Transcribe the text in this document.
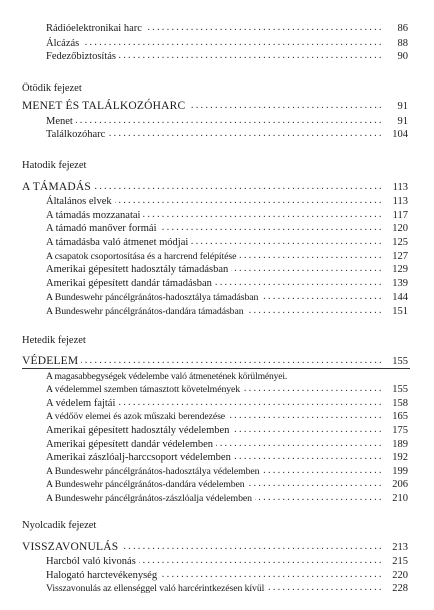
.....
Rádióelektronikai harc	86
.....
Álcázás	88
.....
Fedezőbiztosítás	90
Ötödik fejezet
.....
MENET ÉS TALÁLKOZÓHARC	91
.....
Menet	91
.....
Találkozóharc	104
Hatodik fejezet
.....
A TÁMADÁS	113
.....
Általános elvek	113
.....
A támadás mozzanatai	117
.....
A támadó manőver formái	120
.....
A támadásba való átmenet módjai	125
.....
A csapatok csoportosítása és a harcrend felépítése	127
.....
Amerikai gépesített hadosztály támadásban	129
.....
Amerikai gépesített dandár támadásban	139
.....
A Bundeswehr páncélgránátos-hadosztálya támadásban	144
.....
A Bundeswehr páncélgránátos-dandára támadásban	151
Hetedik fejezet
.....
VÉDELEM	155
A magasabbegységek védelembe való átmenetének körülményei.
.....
A védelemmel szemben támasztott követelmények	155
.....
A védelem fajtái	158
.....
A védőöv elemei és azok műszaki berendezése	165
.....
Amerikai gépesített hadosztály védelemben	175
.....
Amerikai gépesített dandár védelemben	189
.....
Amerikai zászlóalj-harccsoport védelemben	192
.....
A Bundeswehr páncélgránátos-hadosztálya védelemben	199
.....
A Bundeswehr páncélgránátos-dandára védelemben	206
.....
A Bundeswehr páncélgránátos-zászlóalja védelemben	210
Nyolcadik fejezet
.....
VISSZAVONULÁS	213
.....
Harcból való kivonás	215
.....
Halogató harctevékenység	220
.....
Visszavonulás az ellenséggel való harcérintkezésen kívül	228
